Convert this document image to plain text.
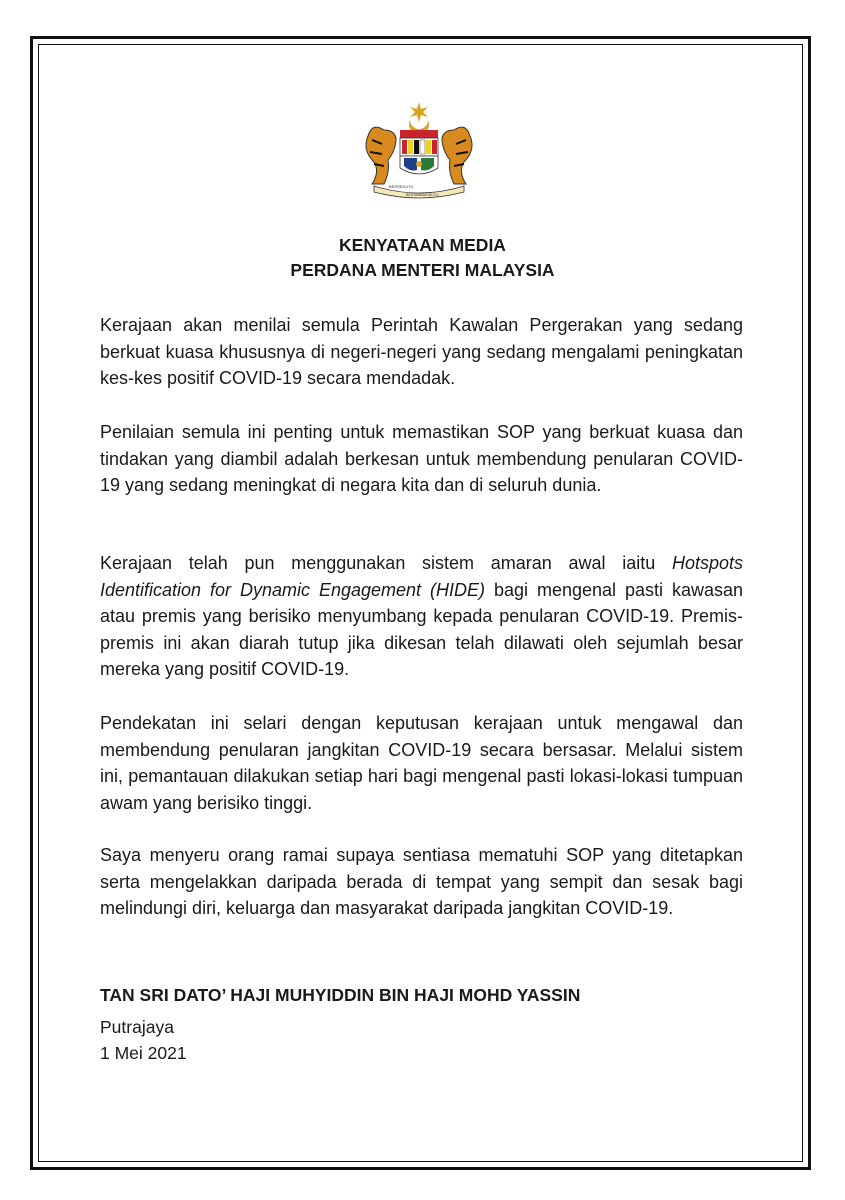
BERSEKUTU
BERTAMBAH MUTU
KENYATAAN MEDIA
PERDANA MENTERI MALAYSIA

Kerajaan akan menilai semula Perintah Kawalan Pergerakan yang sedang berkuat kuasa khususnya di negeri-negeri yang sedang mengalami peningkatan kes-kes positif COVID-19 secara mendadak.

Penilaian semula ini penting untuk memastikan SOP yang berkuat kuasa dan tindakan yang diambil adalah berkesan untuk membendung penularan COVID-19 yang sedang meningkat di negara kita dan di seluruh dunia.

Kerajaan telah pun menggunakan sistem amaran awal iaitu Hotspots Identification for Dynamic Engagement (HIDE) bagi mengenal pasti kawasan atau premis yang berisiko menyumbang kepada penularan COVID-19. Premis-premis ini akan diarah tutup jika dikesan telah dilawati oleh sejumlah besar mereka yang positif COVID-19.

Pendekatan ini selari dengan keputusan kerajaan untuk mengawal dan membendung penularan jangkitan COVID-19 secara bersasar. Melalui sistem ini, pemantauan dilakukan setiap hari bagi mengenal pasti lokasi-lokasi tumpuan awam yang berisiko tinggi.

Saya menyeru orang ramai supaya sentiasa mematuhi SOP yang ditetapkan serta mengelakkan daripada berada di tempat yang sempit dan sesak bagi melindungi diri, keluarga dan masyarakat daripada jangkitan COVID-19.

TAN SRI DATO’ HAJI MUHYIDDIN BIN HAJI MOHD YASSIN
Putrajaya
1 Mei 2021
